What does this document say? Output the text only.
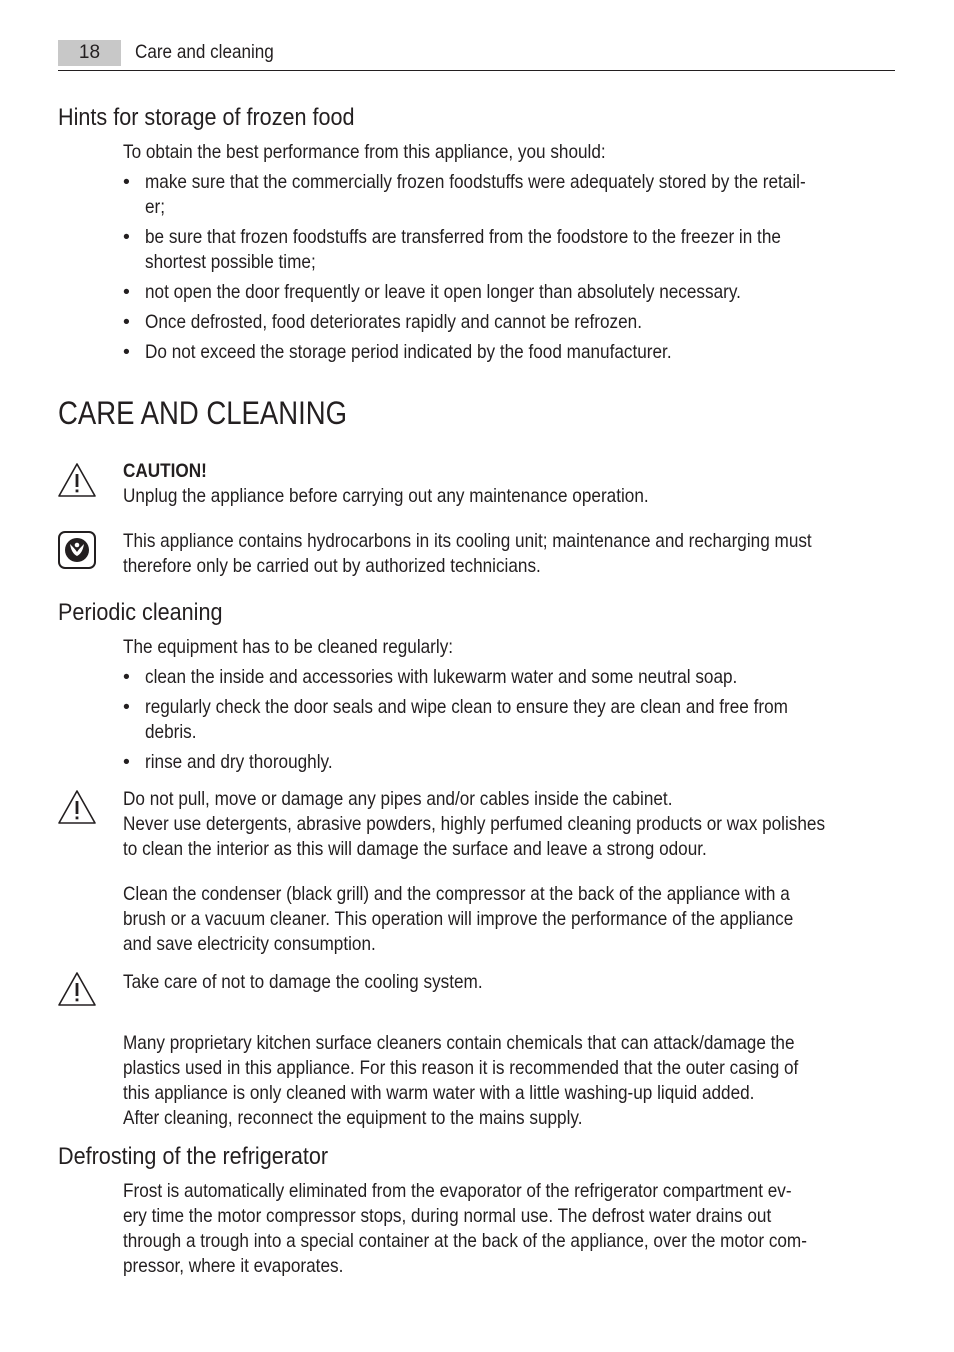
18	Care and cleaning
Hints for storage of frozen food
To obtain the best performance from this appliance, you should:
• make sure that the commercially frozen foodstuffs were adequately stored by the retail-
er;
• be sure that frozen foodstuffs are transferred from the foodstore to the freezer in the
shortest possible time;
• not open the door frequently or leave it open longer than absolutely necessary.
• Once defrosted, food deteriorates rapidly and cannot be refrozen.
• Do not exceed the storage period indicated by the food manufacturer.
CARE AND CLEANING
CAUTION!
Unplug the appliance before carrying out any maintenance operation.
This appliance contains hydrocarbons in its cooling unit; maintenance and recharging must
therefore only be carried out by authorized technicians.
Periodic cleaning
The equipment has to be cleaned regularly:
• clean the inside and accessories with lukewarm water and some neutral soap.
• regularly check the door seals and wipe clean to ensure they are clean and free from
debris.
• rinse and dry thoroughly.
Do not pull, move or damage any pipes and/or cables inside the cabinet.
Never use detergents, abrasive powders, highly perfumed cleaning products or wax polishes
to clean the interior as this will damage the surface and leave a strong odour.
Clean the condenser (black grill) and the compressor at the back of the appliance with a
brush or a vacuum cleaner. This operation will improve the performance of the appliance
and save electricity consumption.
Take care of not to damage the cooling system.
Many proprietary kitchen surface cleaners contain chemicals that can attack/damage the
plastics used in this appliance. For this reason it is recommended that the outer casing of
this appliance is only cleaned with warm water with a little washing-up liquid added.
After cleaning, reconnect the equipment to the mains supply.
Defrosting of the refrigerator
Frost is automatically eliminated from the evaporator of the refrigerator compartment ev-
ery time the motor compressor stops, during normal use. The defrost water drains out
through a trough into a special container at the back of the appliance, over the motor com-
pressor, where it evaporates.
